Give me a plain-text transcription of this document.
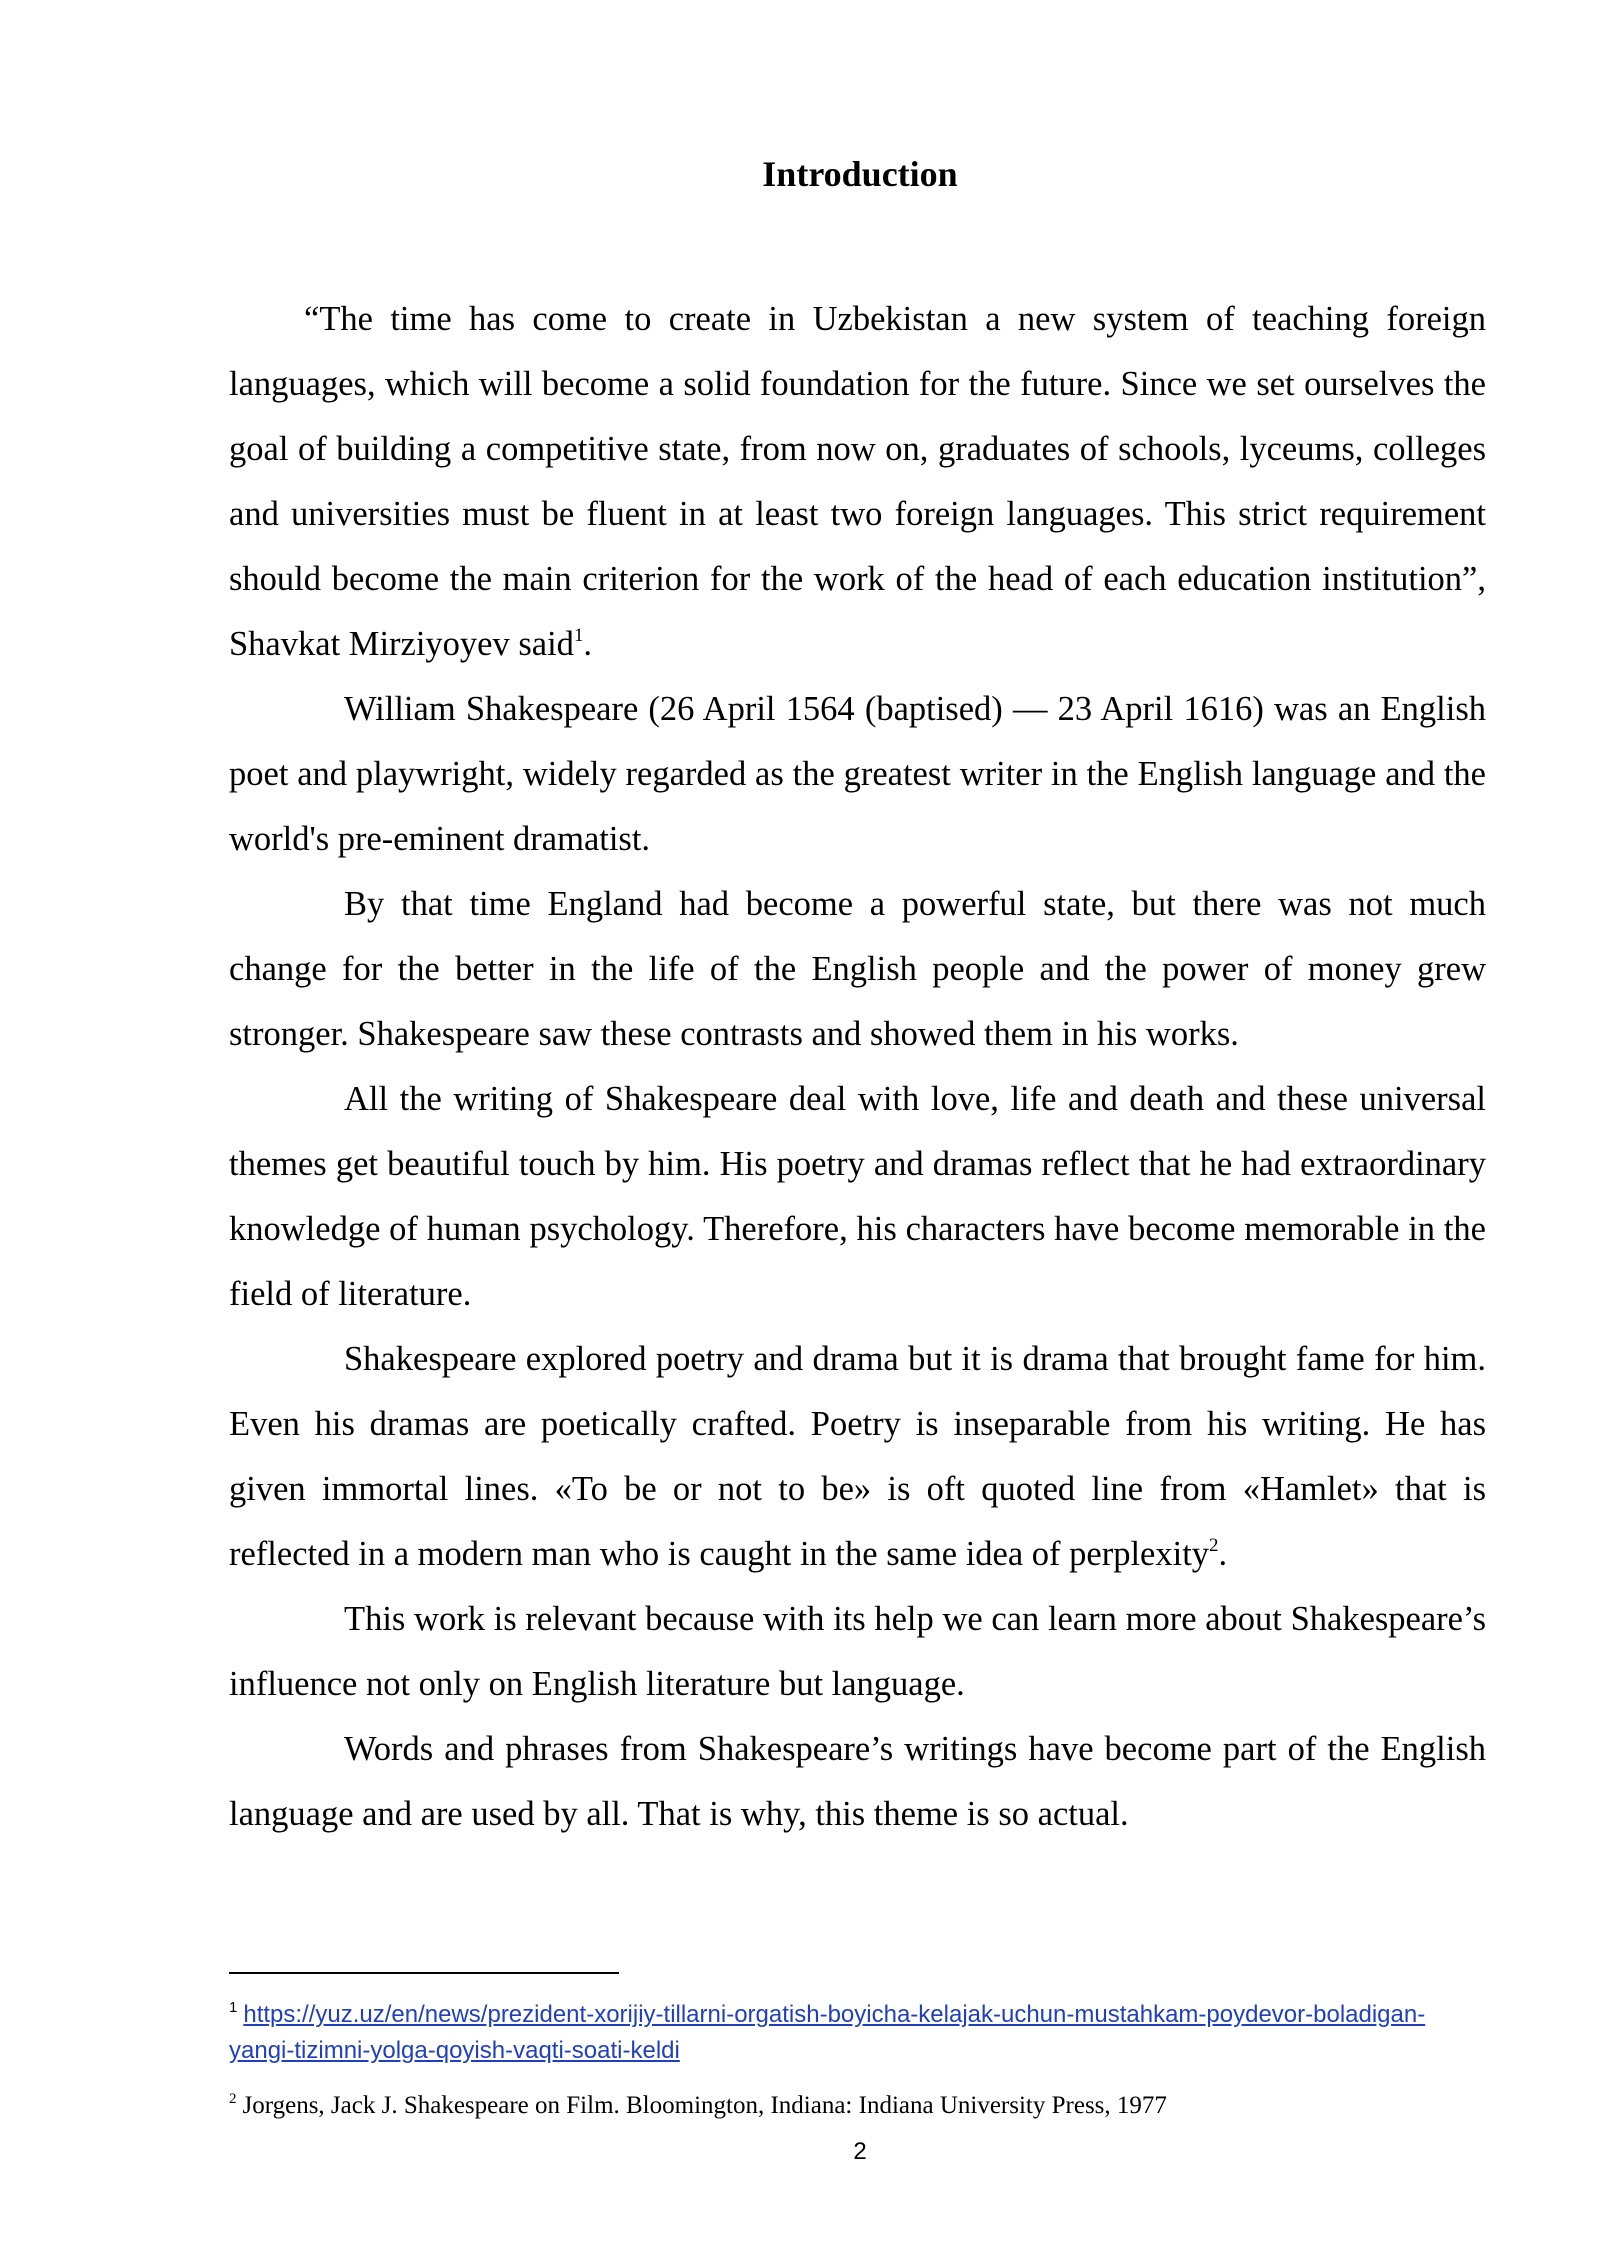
Introduction

“The time has come to create in Uzbekistan a new system of teaching foreign languages, which will become a solid foundation for the future. Since we set ourselves the goal of building a competitive state, from now on, graduates of schools, lyceums, colleges and universities must be fluent in at least two foreign languages. This strict requirement should become the main criterion for the work of the head of each education institution”, Shavkat Mirziyoyev said$^1$.

William Shakespeare (26 April 1564 (baptised) — 23 April 1616) was an English poet and playwright, widely regarded as the greatest writer in the English language and the world's pre-eminent dramatist.

By that time England had become a powerful state, but there was not much change for the better in the life of the English people and the power of money grew stronger. Shakespeare saw these contrasts and showed them in his works.

All the writing of Shakespeare deal with love, life and death and these universal themes get beautiful touch by him. His poetry and dramas reflect that he had extraordinary knowledge of human psychology. Therefore, his characters have become memorable in the field of literature.

Shakespeare explored poetry and drama but it is drama that brought fame for him. Even his dramas are poetically crafted. Poetry is inseparable from his writing. He has given immortal lines. «To be or not to be» is oft quoted line from «Hamlet» that is reflected in a modern man who is caught in the same idea of perplexity$^2$.

This work is relevant because with its help we can learn more about Shakespeare’s influence not only on English literature but language.

Words and phrases from Shakespeare’s writings have become part of the English language and are used by all. That is why, this theme is so actual.

$^1$ https://yuz.uz/en/news/prezident-xorijiy-tillarni-orgatish-boyicha-kelajak-uchun-mustahkam-poydevor-boladigan-yangi-tizimni-yolga-qoyish-vaqti-soati-keldi
$^2$ Jorgens, Jack J. Shakespeare on Film. Bloomington, Indiana: Indiana University Press, 1977
2
